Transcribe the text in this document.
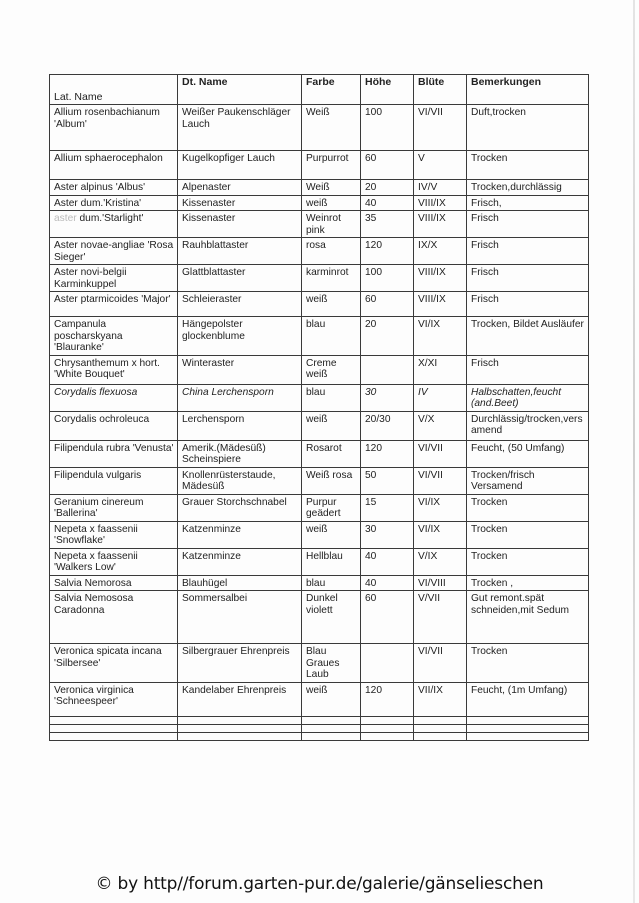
Lat. Name	Dt. Name	Farbe	Höhe	Blüte	Bemerkungen
Allium rosenbachianum 'Album'	Weißer Paukenschläger Lauch	Weiß	100	VI/VII	Duft,trocken
Allium sphaerocephalon	Kugelkopfiger Lauch	Purpurrot	60	V	Trocken
Aster alpinus 'Albus'	Alpenaster	Weiß	20	IV/V	Trocken,durchlässig
Aster dum.'Kristina'	Kissenaster	weiß	40	VIII/IX	Frisch,
aster dum.'Starlight'	Kissenaster	Weinrot pink	35	VIII/IX	Frisch
Aster novae-angliae 'Rosa Sieger'	Rauhblattaster	rosa	120	IX/X	Frisch
Aster novi-belgii Karminkuppel	Glattblattaster	karminrot	100	VIII/IX	Frisch
Aster ptarmicoides 'Major'	Schleieraster	weiß	60	VIII/IX	Frisch
Campanula poscharskyana 'Blauranke'	Hängepolster glockenblume	blau	20	VI/IX	Trocken, Bildet Ausläufer
Chrysanthemum x hort. 'White Bouquet'	Winteraster	Creme weiß		X/XI	Frisch
Corydalis flexuosa	China Lerchensporn	blau	30	IV	Halbschatten,feucht (and.Beet)
Corydalis ochroleuca	Lerchensporn	weiß	20/30	V/X	Durchlässig/trocken,versamend
Filipendula rubra 'Venusta'	Amerik.(Mädesüß) Scheinspiere	Rosarot	120	VI/VII	Feucht, (50 Umfang)
Filipendula vulgaris	Knollenrüsterstaude, Mädesüß	Weiß rosa	50	VI/VII	Trocken/frisch Versamend
Geranium cinereum 'Ballerina'	Grauer Storchschnabel	Purpur geädert	15	VI/IX	Trocken
Nepeta x faassenii 'Snowflake'	Katzenminze	weiß	30	VI/IX	Trocken
Nepeta x faassenii 'Walkers Low'	Katzenminze	Hellblau	40	V/IX	Trocken
Salvia Nemorosa	Blauhügel	blau	40	VI/VIII	Trocken ,
Salvia Nemososa Caradonna	Sommersalbei	Dunkel violett	60	V/VII	Gut remont.spät schneiden,mit Sedum
Veronica spicata incana 'Silbersee'	Silbergrauer Ehrenpreis	Blau Graues Laub		VI/VII	Trocken
Veronica virginica 'Schneespeer'	Kandelaber Ehrenpreis	weiß	120	VII/IX	Feucht, (1m Umfang)

© by http//forum.garten-pur.de/galerie/gänselieschen
